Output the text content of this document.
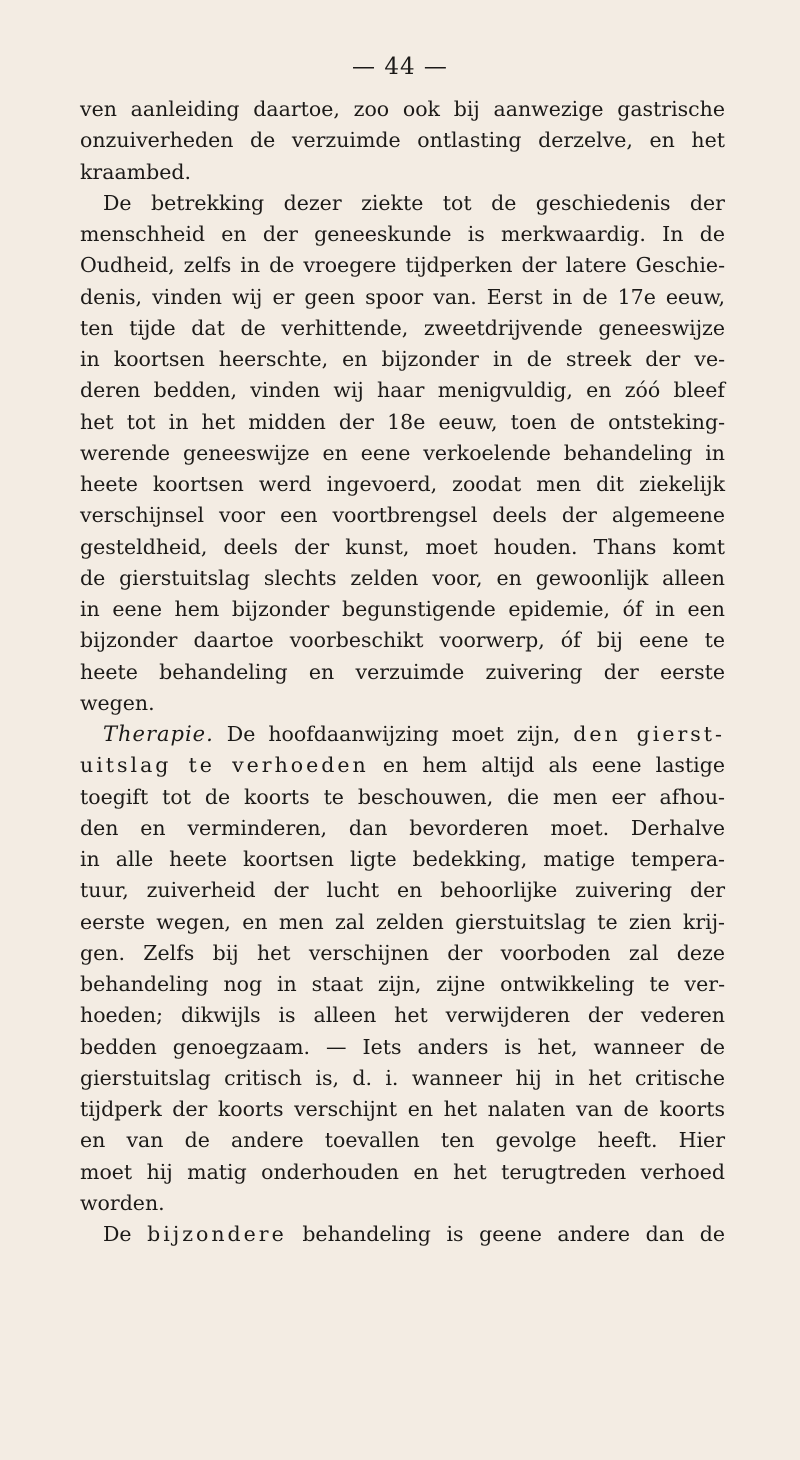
— 44 —
ven aanleiding daartoe, zoo ook bij aanwezige gastrische
onzuiverheden de verzuimde ontlasting derzelve, en het
kraambed.
De betrekking dezer ziekte tot de geschiedenis der
menschheid en der geneeskunde is merkwaardig. In de
Oudheid, zelfs in de vroegere tijdperken der latere Geschie-
denis, vinden wij er geen spoor van. Eerst in de 17e eeuw,
ten tijde dat de verhittende, zweetdrijvende geneeswijze
in koortsen heerschte, en bijzonder in de streek der ve-
deren bedden, vinden wij haar menigvuldig, en zóó bleef
het tot in het midden der 18e eeuw, toen de ontsteking-
werende geneeswijze en eene verkoelende behandeling in
heete koortsen werd ingevoerd, zoodat men dit ziekelijk
verschijnsel voor een voortbrengsel deels der algemeene
gesteldheid, deels der kunst, moet houden. Thans komt
de gierstuitslag slechts zelden voor, en gewoonlijk alleen
in eene hem bijzonder begunstigende epidemie, óf in een
bijzonder daartoe voorbeschikt voorwerp, óf bij eene te
heete behandeling en verzuimde zuivering der eerste
wegen.
Therapie. De hoofdaanwijzing moet zijn, den gierst-
uitslag te verhoeden en hem altijd als eene lastige
toegift tot de koorts te beschouwen, die men eer afhou-
den en verminderen, dan bevorderen moet. Derhalve
in alle heete koortsen ligte bedekking, matige tempera-
tuur, zuiverheid der lucht en behoorlijke zuivering der
eerste wegen, en men zal zelden gierstuitslag te zien krij-
gen. Zelfs bij het verschijnen der voorboden zal deze
behandeling nog in staat zijn, zijne ontwikkeling te ver-
hoeden; dikwijls is alleen het verwijderen der vederen
bedden genoegzaam. — Iets anders is het, wanneer de
gierstuitslag critisch is, d. i. wanneer hij in het critische
tijdperk der koorts verschijnt en het nalaten van de koorts
en van de andere toevallen ten gevolge heeft. Hier
moet hij matig onderhouden en het terugtreden verhoed
worden.
De bijzondere behandeling is geene andere dan de
